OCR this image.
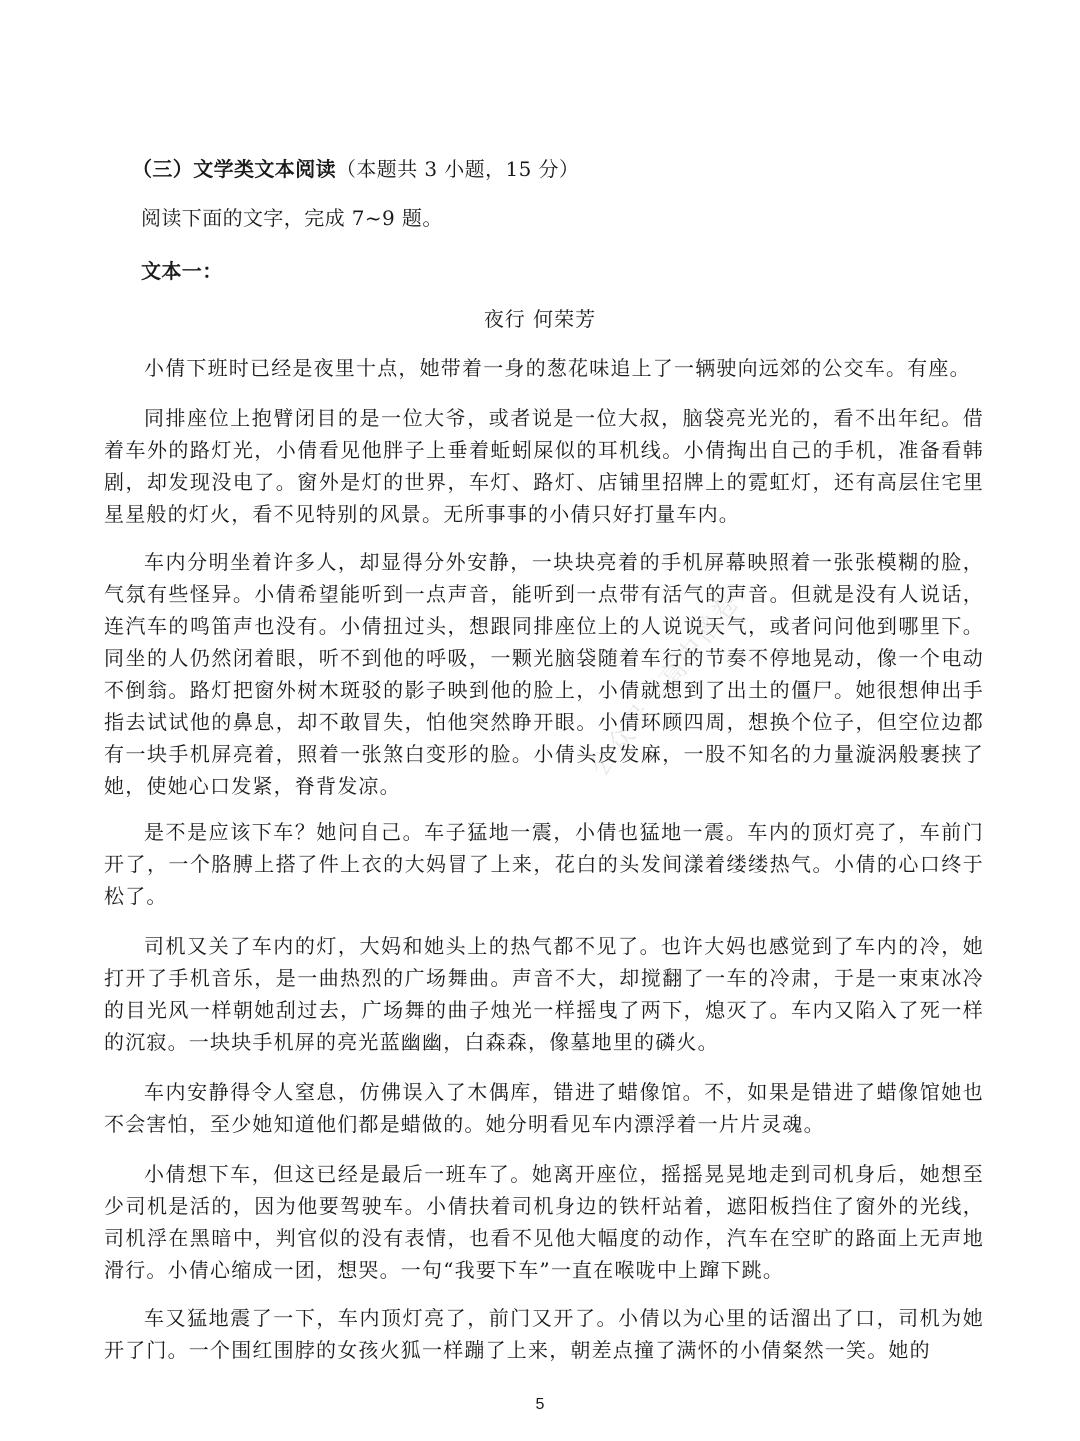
（三）文学类文本阅读（本题共 3 小题，15 分）
阅读下面的文字，完成 7~9 题。
文本一：
夜行 何荣芳

小倩下班时已经是夜里十点，她带着一身的葱花味追上了一辆驶向远郊的公交车。有座。

同排座位上抱臂闭目的是一位大爷，或者说是一位大叔，脑袋亮光光的，看不出年纪。借着车外的路灯光，小倩看见他胖子上垂着蚯蚓屎似的耳机线。小倩掏出自己的手机，准备看韩剧，却发现没电了。窗外是灯的世界，车灯、路灯、店铺里招牌上的霓虹灯，还有高层住宅里星星般的灯火，看不见特别的风景。无所事事的小倩只好打量车内。

车内分明坐着许多人，却显得分外安静，一块块亮着的手机屏幕映照着一张张模糊的脸，气氛有些怪异。小倩希望能听到一点声音，能听到一点带有活气的声音。但就是没有人说话，连汽车的鸣笛声也没有。小倩扭过头，想跟同排座位上的人说说天气，或者问问他到哪里下。同坐的人仍然闭着眼，听不到他的呼吸，一颗光脑袋随着车行的节奏不停地晃动，像一个电动不倒翁。路灯把窗外树木斑驳的影子映到他的脸上，小倩就想到了出土的僵尸。她很想伸出手指去试试他的鼻息，却不敢冒失，怕他突然睁开眼。小倩环顾四周，想换个位子，但空位边都有一块手机屏亮着，照着一张煞白变形的脸。小倩头皮发麻，一股不知名的力量漩涡般裹挟了她，使她心口发紧，脊背发凉。

是不是应该下车？她问自己。车子猛地一震，小倩也猛地一震。车内的顶灯亮了，车前门开了，一个胳膊上搭了件上衣的大妈冒了上来，花白的头发间漾着缕缕热气。小倩的心口终于松了。

司机又关了车内的灯，大妈和她头上的热气都不见了。也许大妈也感觉到了车内的冷，她打开了手机音乐，是一曲热烈的广场舞曲。声音不大，却搅翻了一车的冷肃，于是一束束冰冷的目光风一样朝她刮过去，广场舞的曲子烛光一样摇曳了两下，熄灭了。车内又陷入了死一样的沉寂。一块块手机屏的亮光蓝幽幽，白森森，像墓地里的磷火。

车内安静得令人窒息，仿佛误入了木偶库，错进了蜡像馆。不，如果是错进了蜡像馆她也不会害怕，至少她知道他们都是蜡做的。她分明看见车内漂浮着一片片灵魂。

小倩想下车，但这已经是最后一班车了。她离开座位，摇摇晃晃地走到司机身后，她想至少司机是活的，因为他要驾驶车。小倩扶着司机身边的铁杆站着，遮阳板挡住了窗外的光线，司机浮在黑暗中，判官似的没有表情，也看不见他大幅度的动作，汽车在空旷的路面上无声地滑行。小倩心缩成一团，想哭。一句“我要下车”一直在喉咙中上蹿下跳。

车又猛地震了一下，车内顶灯亮了，前门又开了。小倩以为心里的话溜出了口，司机为她开了门。一个围红围脖的女孩火狐一样蹦了上来，朝差点撞了满怀的小倩粲然一笑。她的

公众号《高中僧卷》
5
